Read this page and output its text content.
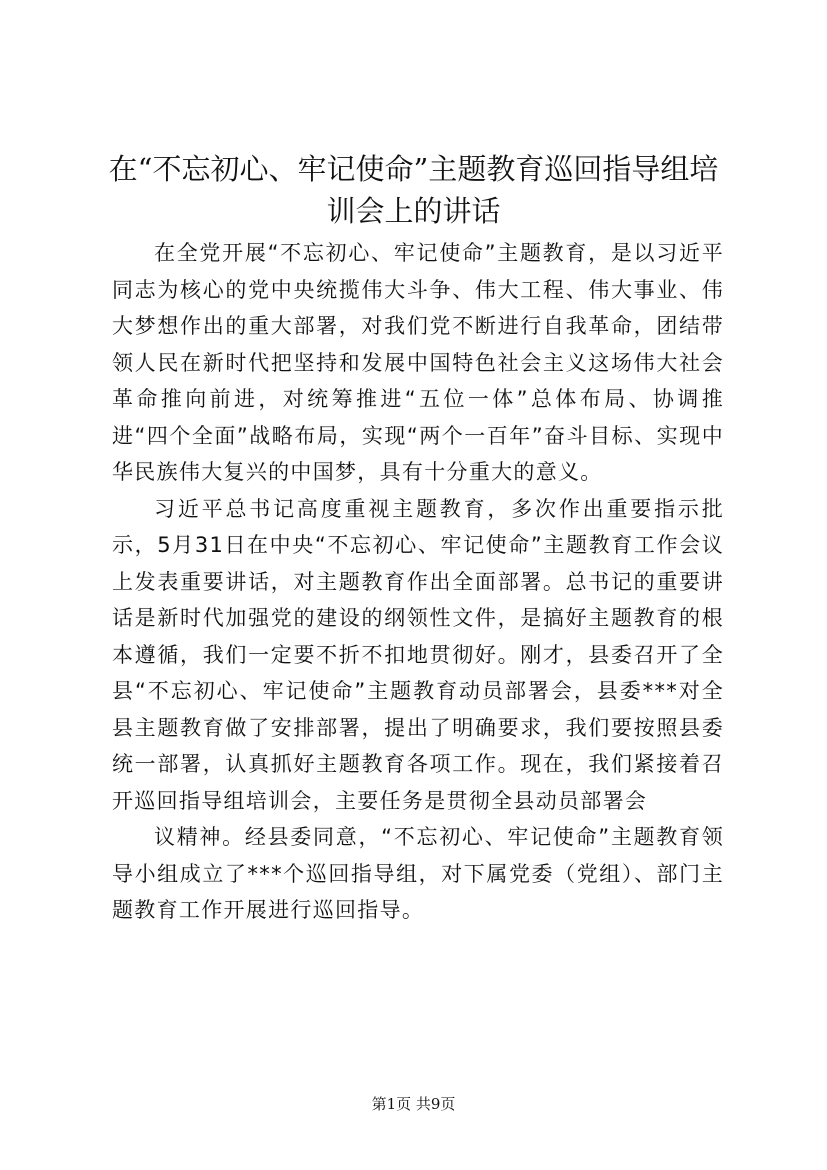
在“不忘初心、牢记使命”主题教育巡回指导组培训会上的讲话

在全党开展“不忘初心、牢记使命”主题教育，是以习近平同志为核心的党中央统揽伟大斗争、伟大工程、伟大事业、伟大梦想作出的重大部署，对我们党不断进行自我革命，团结带领人民在新时代把坚持和发展中国特色社会主义这场伟大社会革命推向前进，对统筹推进“五位一体”总体布局、协调推进“四个全面”战略布局，实现“两个一百年”奋斗目标、实现中华民族伟大复兴的中国梦，具有十分重大的意义。

习近平总书记高度重视主题教育，多次作出重要指示批示，5月31日在中央“不忘初心、牢记使命”主题教育工作会议上发表重要讲话，对主题教育作出全面部署。总书记的重要讲话是新时代加强党的建设的纲领性文件，是搞好主题教育的根本遵循，我们一定要不折不扣地贯彻好。刚才，县委召开了全县“不忘初心、牢记使命”主题教育动员部署会，县委***对全县主题教育做了安排部署，提出了明确要求，我们要按照县委统一部署，认真抓好主题教育各项工作。现在，我们紧接着召开巡回指导组培训会，主要任务是贯彻全县动员部署会

议精神。经县委同意，“不忘初心、牢记使命”主题教育领导小组成立了***个巡回指导组，对下属党委（党组）、部门主题教育工作开展进行巡回指导。

第1页 共9页
